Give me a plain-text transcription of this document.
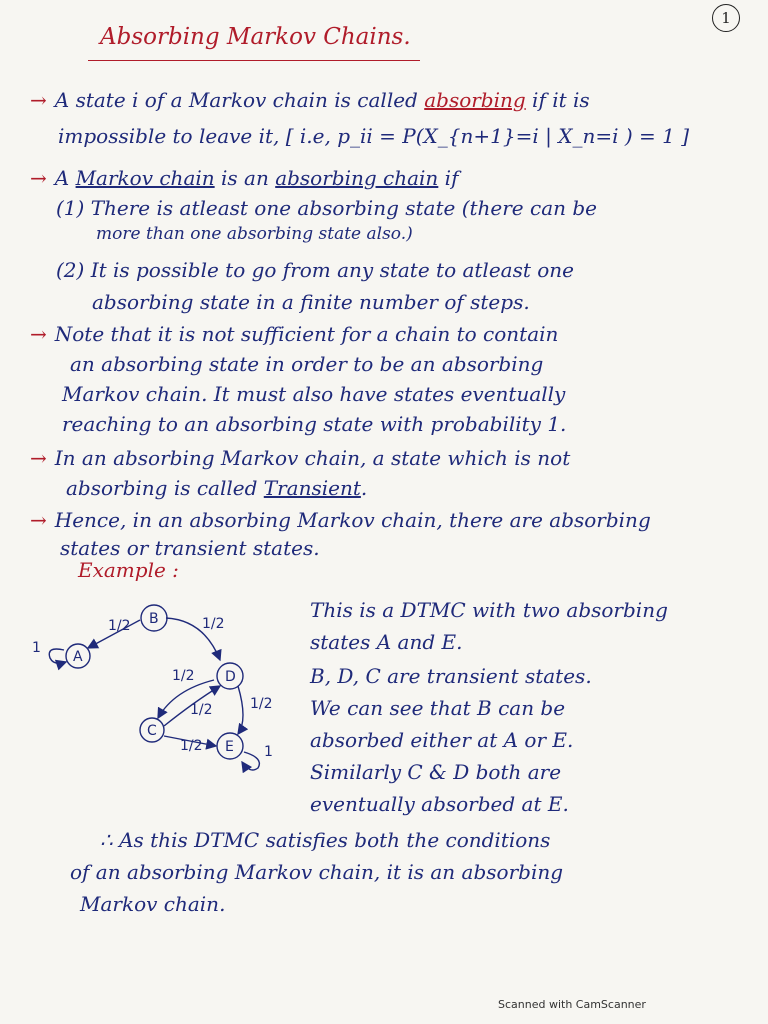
1
Absorbing Markov Chains.
→ A state i of a Markov chain is called absorbing if it is
impossible to leave it, [ i.e, p_ii = P(X_{n+1}=i | X_n=i ) = 1 ]
→ A Markov chain is an absorbing chain if
(1) There is atleast one absorbing state (there can be
more than one absorbing state also.)
(2) It is possible to go from any state to atleast one
absorbing state in a finite number of steps.
→ Note that it is not sufficient for a chain to contain
an absorbing state in order to be an absorbing
Markov chain. It must also have states eventually
reaching to an absorbing state with probability 1.
→ In an absorbing Markov chain, a state which is not
absorbing is called Transient.
→ Hence, in an absorbing Markov chain, there are absorbing
states or transient states.
Example :
B
A
D
C
E
1/2	1/2
1/2
1/2
1/2
1/2
1
1
This is a DTMC with two absorbing
states A and E.
B, D, C are transient states.
We can see that B can be
absorbed either at A or E.
Similarly C & D both are
eventually absorbed at E.
∴ As this DTMC satisfies both the conditions
of an absorbing Markov chain, it is an absorbing
Markov chain.
Scanned with CamScanner
